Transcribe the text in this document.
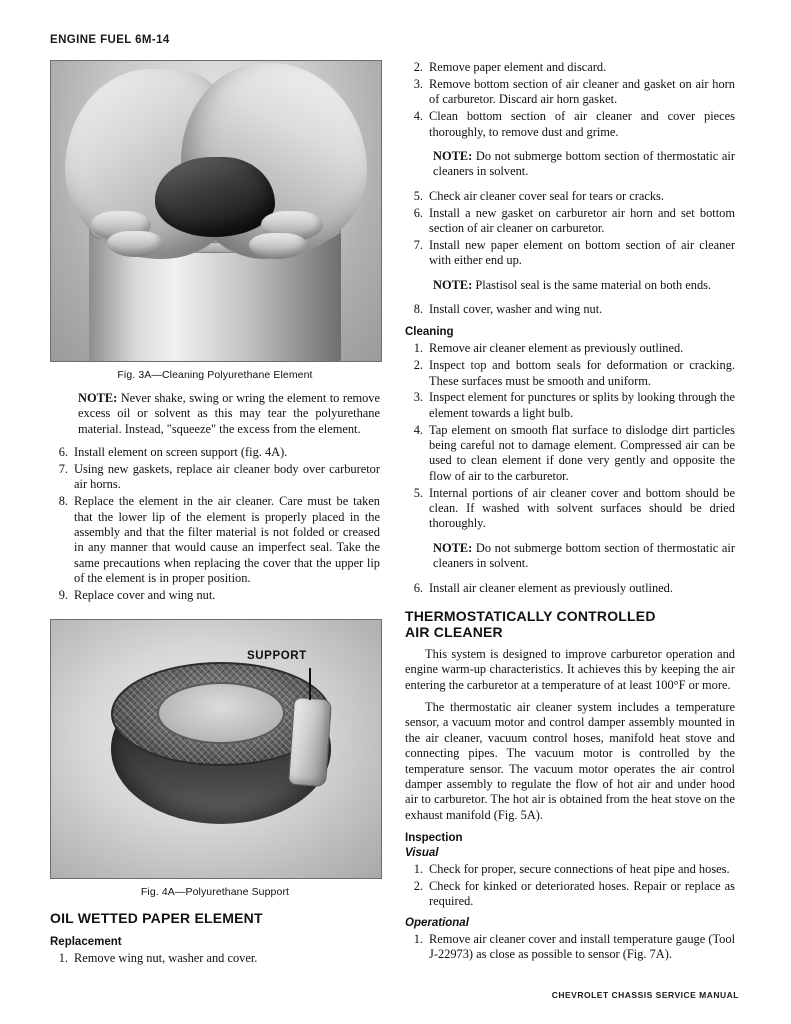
ENGINE FUEL 6M-14
Fig. 3A—Cleaning Polyurethane Element

NOTE: Never shake, swing or wring the element to remove excess oil or solvent as this may tear the polyurethane material. Instead, "squeeze" the excess from the element.

6. Install element on screen support (fig. 4A).
7. Using new gaskets, replace air cleaner body over carburetor air horns.
8. Replace the element in the air cleaner. Care must be taken that the lower lip of the element is properly placed in the assembly and that the filter material is not folded or creased in any manner that would cause an imperfect seal. Take the same precautions when replacing the cover that the upper lip of the element is in proper position.
9. Replace cover and wing nut.
SUPPORT
Fig. 4A—Polyurethane Support
OIL WETTED PAPER ELEMENT
Replacement
1. Remove wing nut, washer and cover.
2. Remove paper element and discard.
3. Remove bottom section of air cleaner and gasket on air horn of carburetor. Discard air horn gasket.
4. Clean bottom section of air cleaner and cover pieces thoroughly, to remove dust and grime.

NOTE: Do not submerge bottom section of thermostatic air cleaners in solvent.

5. Check air cleaner cover seal for tears or cracks.
6. Install a new gasket on carburetor air horn and set bottom section of air cleaner on carburetor.
7. Install new paper element on bottom section of air cleaner with either end up.

NOTE: Plastisol seal is the same material on both ends.

8. Install cover, washer and wing nut.
Cleaning
1. Remove air cleaner element as previously outlined.
2. Inspect top and bottom seals for deformation or cracking. These surfaces must be smooth and uniform.
3. Inspect element for punctures or splits by looking through the element towards a light bulb.
4. Tap element on smooth flat surface to dislodge dirt particles being careful not to damage element. Compressed air can be used to clean element if done very gently and opposite the flow of air to the carburetor.
5. Internal portions of air cleaner cover and bottom should be clean. If washed with solvent surfaces should be dried thoroughly.

NOTE: Do not submerge bottom section of thermostatic air cleaners in solvent.

6. Install air cleaner element as previously outlined.
THERMOSTATICALLY CONTROLLED
AIR CLEANER

This system is designed to improve carburetor operation and engine warm-up characteristics. It achieves this by keeping the air entering the carburetor at a temperature of at least 100°F or more.

The thermostatic air cleaner system includes a temperature sensor, a vacuum motor and control damper assembly mounted in the air cleaner, vacuum control hoses, manifold heat stove and connecting pipes. The vacuum motor is controlled by the temperature sensor. The vacuum motor operates the air control damper assembly to regulate the flow of hot air and under hood air to carburetor. The hot air is obtained from the heat stove on the exhaust manifold (Fig. 5A).

Inspection
Visual
1. Check for proper, secure connections of heat pipe and hoses.
2. Check for kinked or deteriorated hoses. Repair or replace as required.
Operational
1. Remove air cleaner cover and install temperature gauge (Tool J-22973) as close as possible to sensor (Fig. 7A).
CHEVROLET CHASSIS SERVICE MANUAL
